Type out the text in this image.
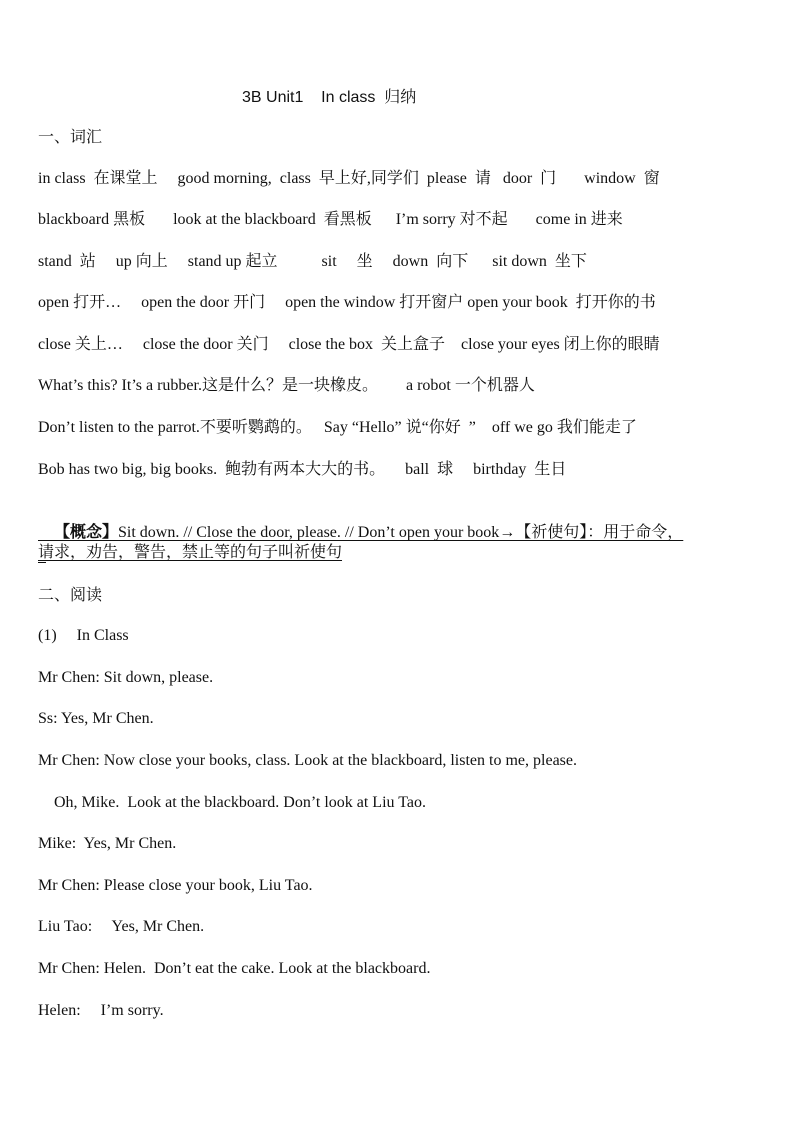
3B Unit1    In class  归纳
一、词汇
in class  在课堂上     good morning,  class  早上好,同学们  please  请   door  门       window  窗
blackboard 黑板       look at the blackboard  看黑板      I’m sorry 对不起       come in 进来
stand  站     up 向上     stand up 起立           sit     坐     down  向下      sit down  坐下
open 打开…     open the door 开门     open the window 打开窗户 open your book  打开你的书
close 关上…     close the door 关门     close the box  关上盒子    close your eyes 闭上你的眼睛
What’s this? It’s a rubber.这是什么？是一块橡皮。       a robot 一个机器人
Don’t listen to the parrot.不要听鹦鹉的。   Say “Hello” 说“你好  ”    off we go 我们能走了
Bob has two big, big books.  鲍勃有两本大大的书。     ball  球     birthday  生日

【概念】Sit down. // Close the door, please. // Don’t open your book→【祈使句】：用于命令，

请求，劝告，警告，禁止等的句子叫祈使句
二、阅读
(1)     In Class
Mr Chen: Sit down, please.
Ss: Yes, Mr Chen.
Mr Chen: Now close your books, class. Look at the blackboard, listen to me, please.
Oh, Mike.  Look at the blackboard. Don’t look at Liu Tao.
Mike:  Yes, Mr Chen.
Mr Chen: Please close your book, Liu Tao.
Liu Tao:     Yes, Mr Chen.
Mr Chen: Helen.  Don’t eat the cake. Look at the blackboard.
Helen:     I’m sorry.
